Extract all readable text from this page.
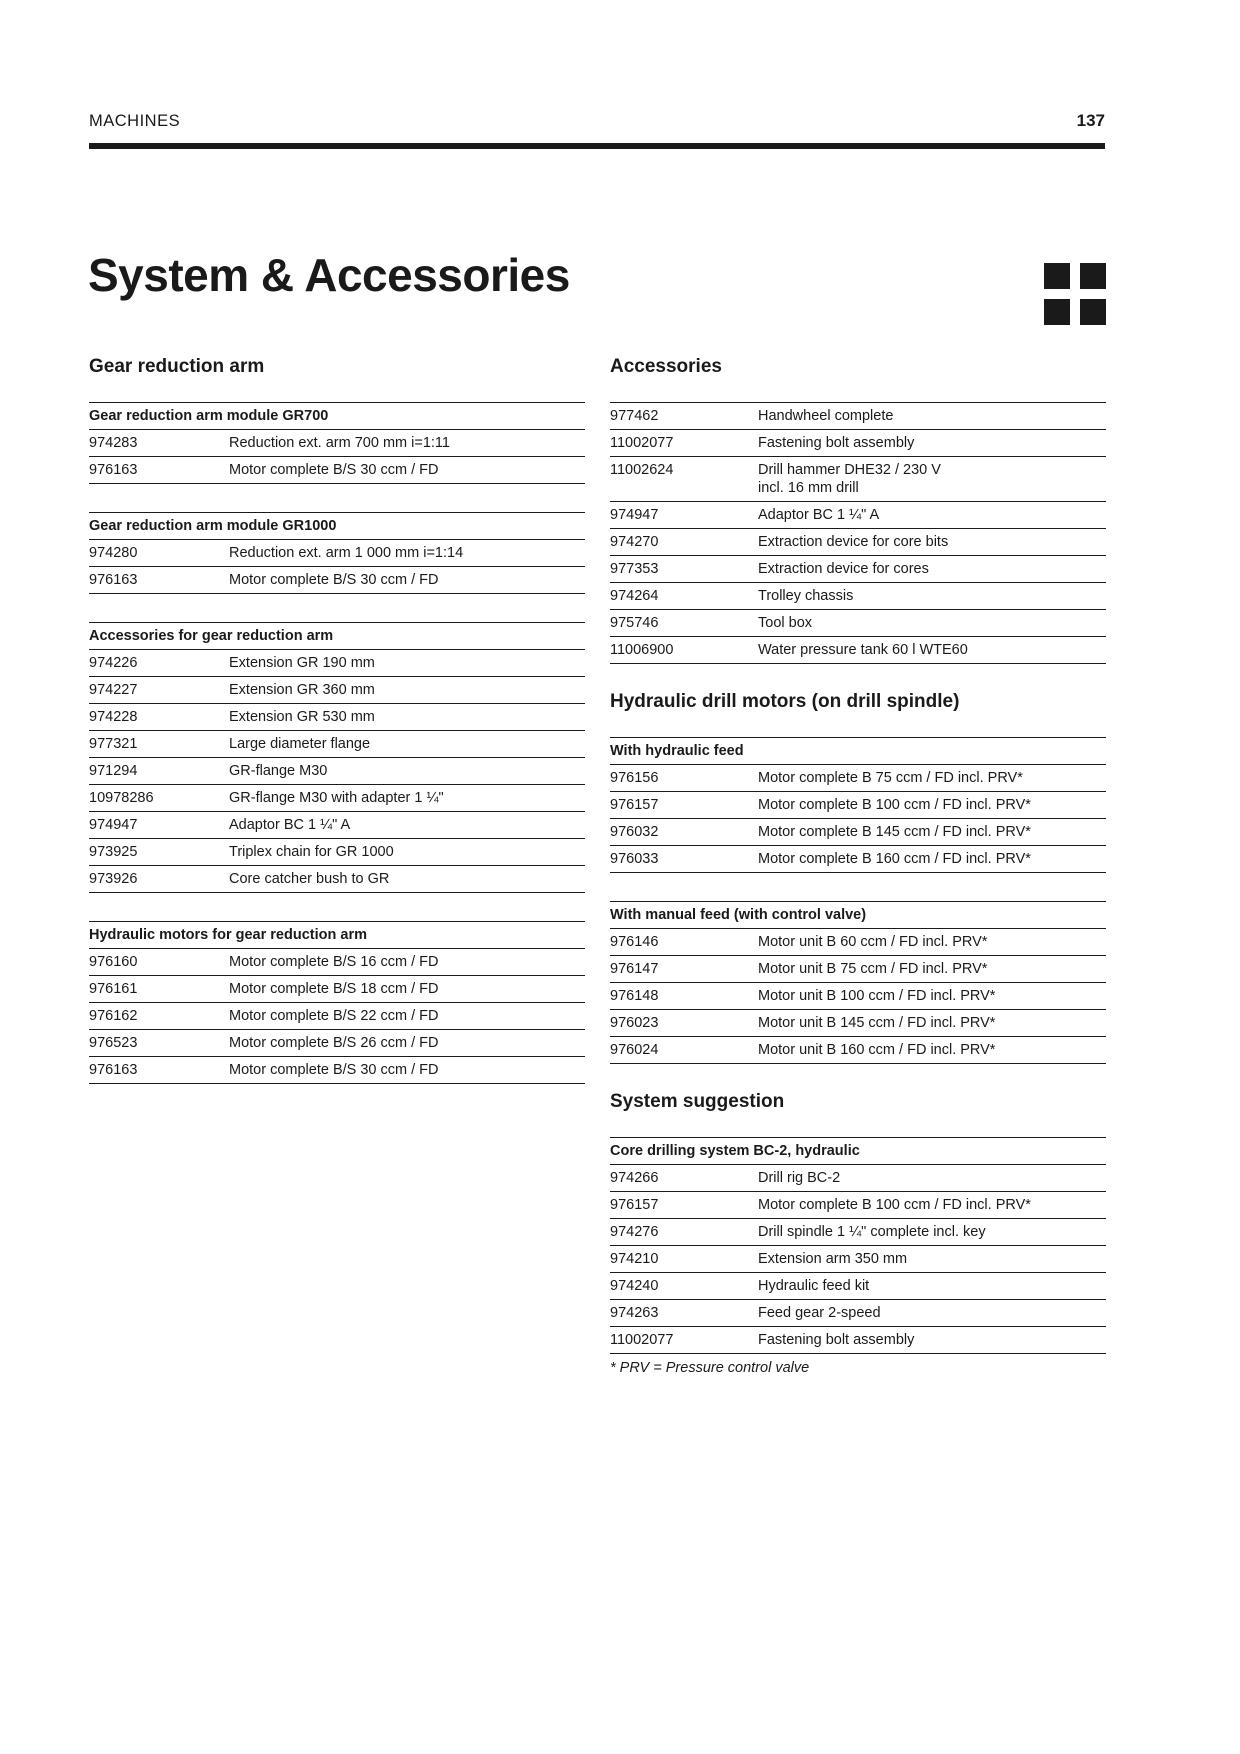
MACHINES	137
System & Accessories
Gear reduction arm
Gear reduction arm module GR700	
974283	Reduction ext. arm 700 mm i=1:11
976163	Motor complete B/S 30 ccm / FD
Gear reduction arm module GR1000	
974280	Reduction ext. arm 1 000 mm i=1:14
976163	Motor complete B/S 30 ccm / FD
Accessories for gear reduction arm	
974226	Extension GR 190 mm
974227	Extension GR 360 mm
974228	Extension GR 530 mm
977321	Large diameter flange
971294	GR-flange M30
10978286	GR-flange M30 with adapter 1 ¼"
974947	Adaptor BC 1 ¼" A
973925	Triplex chain for GR 1000
973926	Core catcher bush to GR
Hydraulic motors for gear reduction arm	
976160	Motor complete B/S 16 ccm / FD
976161	Motor complete B/S 18 ccm / FD
976162	Motor complete B/S 22 ccm / FD
976523	Motor complete B/S 26 ccm / FD
976163	Motor complete B/S 30 ccm / FD
Accessories
977462	Handwheel complete
11002077	Fastening bolt assembly
11002624	Drill hammer DHE32 / 230 V
incl. 16 mm drill
974947	Adaptor BC 1 ¼" A
974270	Extraction device for core bits
977353	Extraction device for cores
974264	Trolley chassis
975746	Tool box
11006900	Water pressure tank 60 l WTE60
Hydraulic drill motors (on drill spindle)
With hydraulic feed	
976156	Motor complete B 75 ccm / FD incl. PRV*
976157	Motor complete B 100 ccm / FD incl. PRV*
976032	Motor complete B 145 ccm / FD incl. PRV*
976033	Motor complete B 160 ccm / FD incl. PRV*
With manual feed (with control valve)	
976146	Motor unit B 60 ccm / FD incl. PRV*
976147	Motor unit B 75 ccm / FD incl. PRV*
976148	Motor unit B 100 ccm / FD incl. PRV*
976023	Motor unit B 145 ccm / FD incl. PRV*
976024	Motor unit B 160 ccm / FD incl. PRV*
System suggestion
Core drilling system BC-2, hydraulic	
974266	Drill rig BC-2
976157	Motor complete B 100 ccm / FD incl. PRV*
974276	Drill spindle 1 ¼" complete incl. key
974210	Extension arm 350 mm
974240	Hydraulic feed kit
974263	Feed gear 2-speed
11002077	Fastening bolt assembly

* PRV = Pressure control valve
